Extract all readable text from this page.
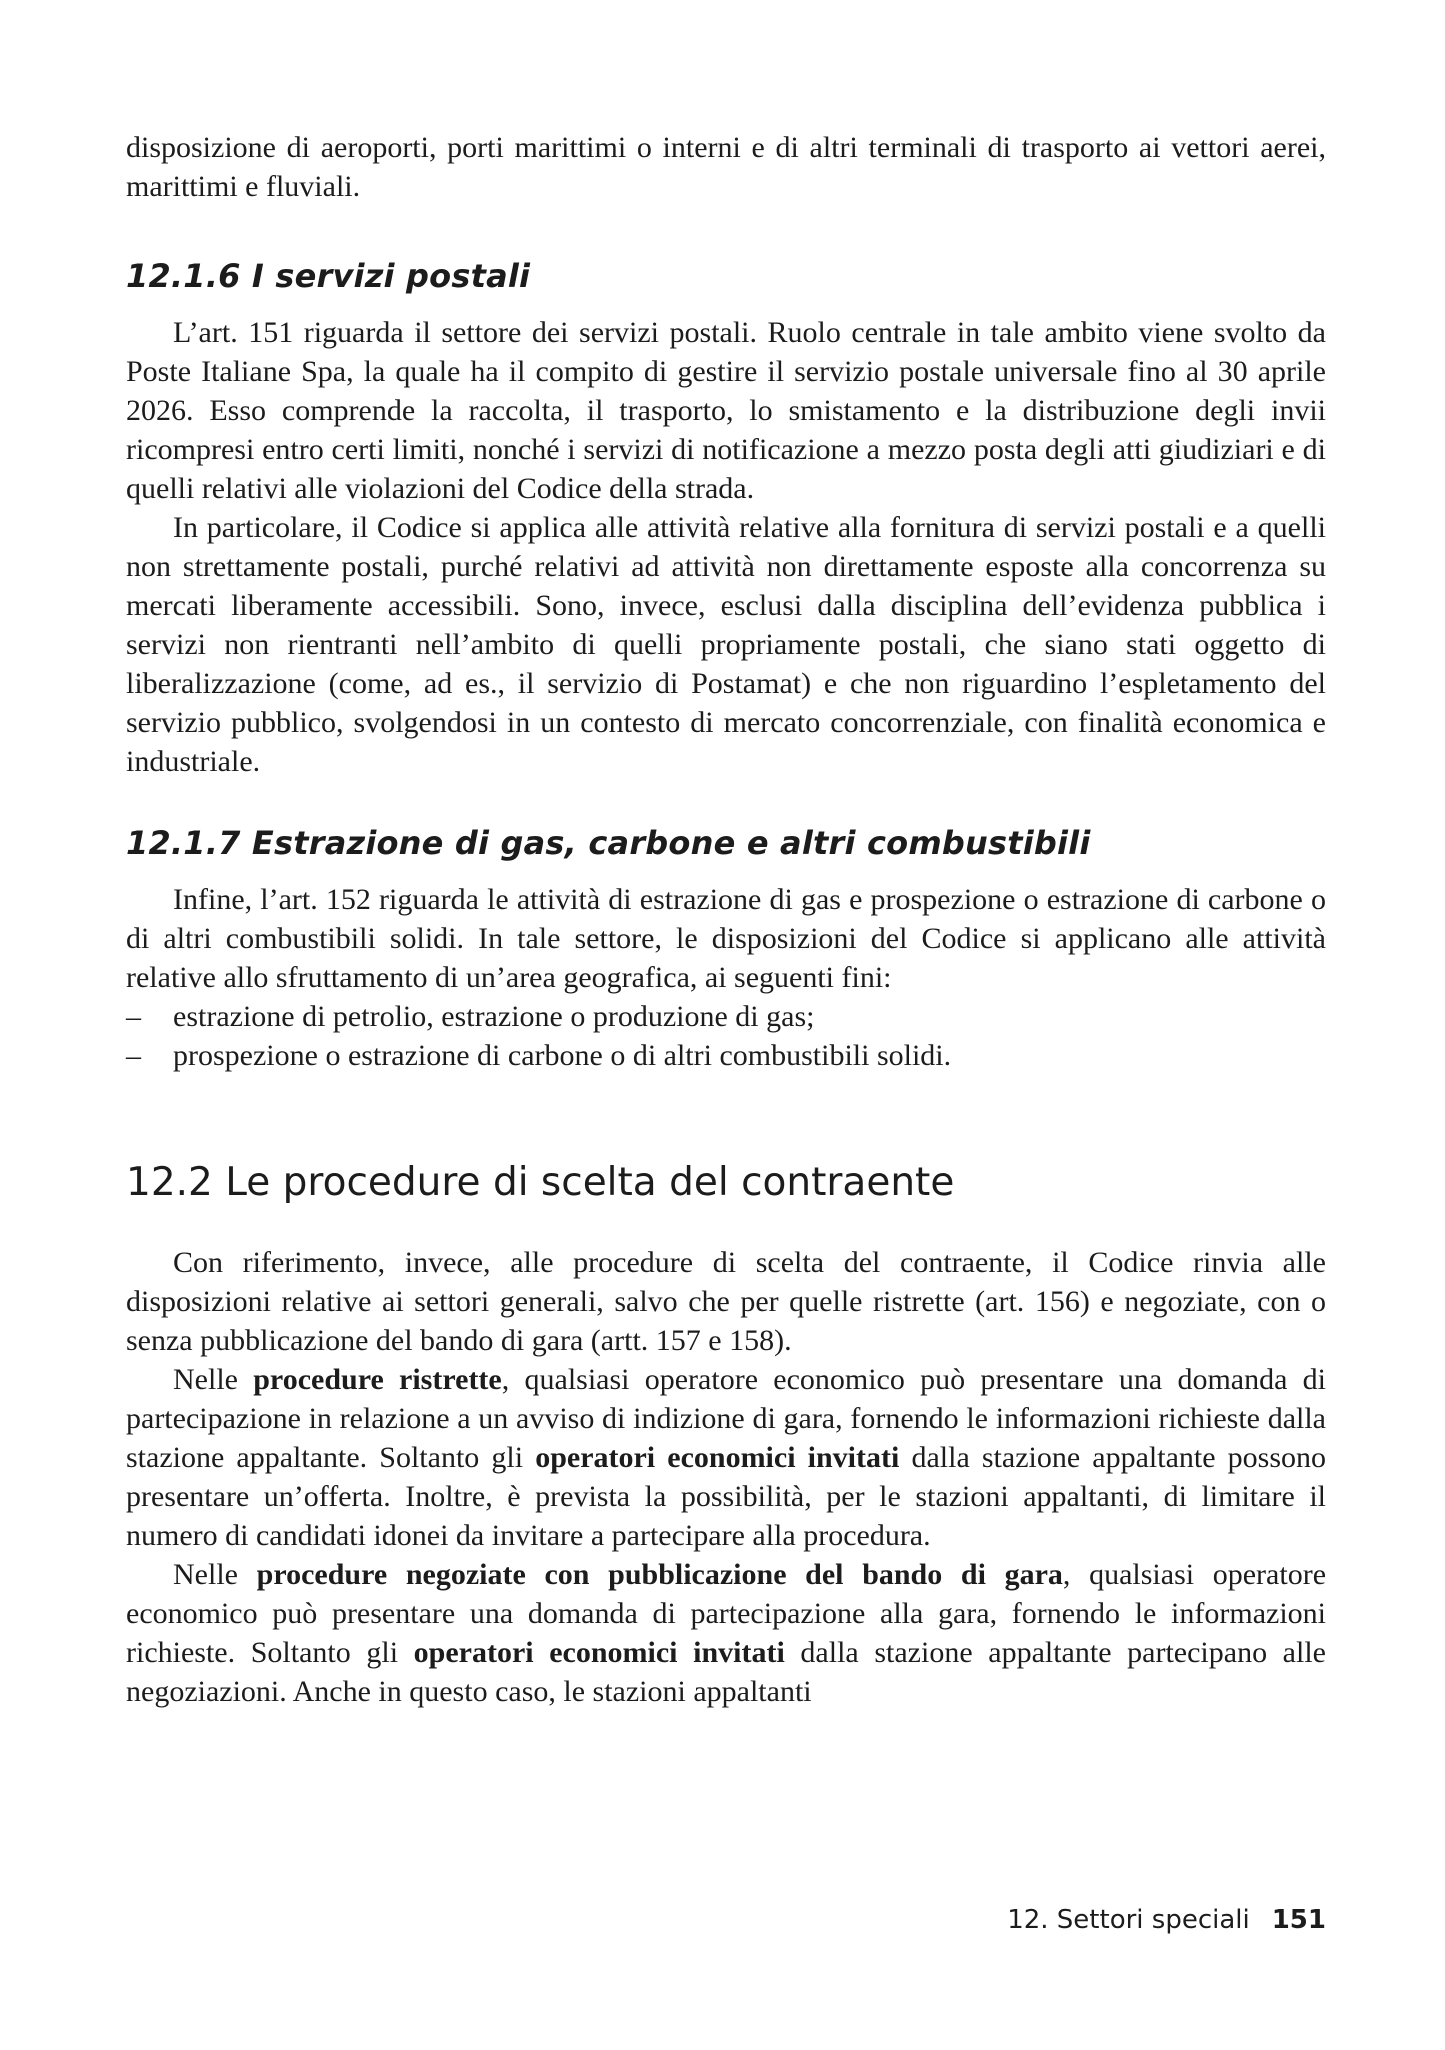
disposizione di aeroporti, porti marittimi o interni e di altri terminali di trasporto ai vettori aerei, marittimi e fluviali.

12.1.6 I servizi postali

L’art. 151 riguarda il settore dei servizi postali. Ruolo centrale in tale ambito viene svolto da Poste Italiane Spa, la quale ha il compito di gestire il servizio postale universale fino al 30 aprile 2026. Esso comprende la raccolta, il trasporto, lo smistamento e la distribuzione degli invii ricompresi entro certi limiti, nonché i servizi di notificazione a mezzo posta degli atti giudiziari e di quelli relativi alle violazioni del Codice della strada.

In particolare, il Codice si applica alle attività relative alla fornitura di servizi postali e a quelli non strettamente postali, purché relativi ad attività non direttamente esposte alla concorrenza su mercati liberamente accessibili. Sono, invece, esclusi dalla disciplina dell’evidenza pubblica i servizi non rientranti nell’ambito di quelli propriamente postali, che siano stati oggetto di liberalizzazione (come, ad es., il servizio di Postamat) e che non riguardino l’espletamento del servizio pubblico, svolgendosi in un contesto di mercato concorrenziale, con finalità economica e industriale.

12.1.7 Estrazione di gas, carbone e altri combustibili

Infine, l’art. 152 riguarda le attività di estrazione di gas e prospezione o estrazione di carbone o di altri combustibili solidi. In tale settore, le disposizioni del Codice si applicano alle attività relative allo sfruttamento di un’area geografica, ai seguenti fini:

–	estrazione di petrolio, estrazione o produzione di gas;
–	prospezione o estrazione di carbone o di altri combustibili solidi.
12.2 Le procedure di scelta del contraente

Con riferimento, invece, alle procedure di scelta del contraente, il Codice rinvia alle disposizioni relative ai settori generali, salvo che per quelle ristrette (art. 156) e negoziate, con o senza pubblicazione del bando di gara (artt. 157 e 158).

Nelle procedure ristrette, qualsiasi operatore economico può presentare una domanda di partecipazione in relazione a un avviso di indizione di gara, fornendo le informazioni richieste dalla stazione appaltante. Soltanto gli operatori economici invitati dalla stazione appaltante possono presentare un’offerta. Inoltre, è prevista la possibilità, per le stazioni appaltanti, di limitare il numero di candidati idonei da invitare a partecipare alla procedura.

Nelle procedure negoziate con pubblicazione del bando di gara, qualsiasi operatore economico può presentare una domanda di partecipazione alla gara, fornendo le informazioni richieste. Soltanto gli operatori economici invitati dalla stazione appaltante partecipano alle negoziazioni. Anche in questo caso, le stazioni appaltanti

12. Settori speciali 151
